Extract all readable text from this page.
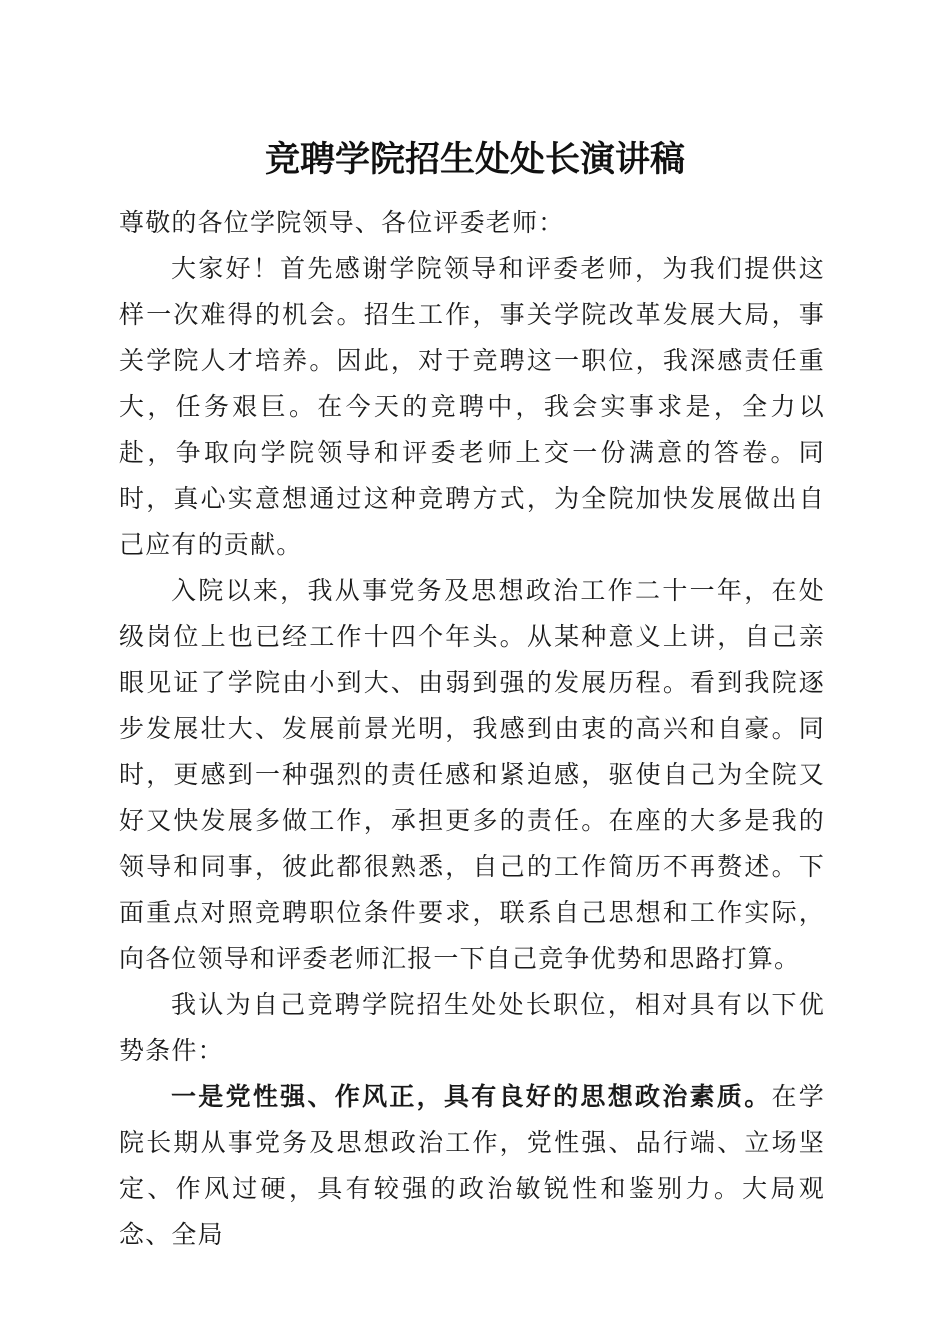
竞聘学院招生处处长演讲稿

尊敬的各位学院领导、各位评委老师：

大家好！首先感谢学院领导和评委老师，为我们提供这样一次难得的机会。招生工作，事关学院改革发展大局，事关学院人才培养。因此，对于竞聘这一职位，我深感责任重大，任务艰巨。在今天的竞聘中，我会实事求是，全力以赴，争取向学院领导和评委老师上交一份满意的答卷。同时，真心实意想通过这种竞聘方式，为全院加快发展做出自己应有的贡献。

入院以来，我从事党务及思想政治工作二十一年，在处级岗位上也已经工作十四个年头。从某种意义上讲，自己亲眼见证了学院由小到大、由弱到强的发展历程。看到我院逐步发展壮大、发展前景光明，我感到由衷的高兴和自豪。同时，更感到一种强烈的责任感和紧迫感，驱使自己为全院又好又快发展多做工作，承担更多的责任。在座的大多是我的领导和同事，彼此都很熟悉，自己的工作简历不再赘述。下面重点对照竞聘职位条件要求，联系自己思想和工作实际，向各位领导和评委老师汇报一下自己竞争优势和思路打算。

我认为自己竞聘学院招生处处长职位，相对具有以下优势条件：

一是党性强、作风正，具有良好的思想政治素质。在学院长期从事党务及思想政治工作，党性强、品行端、立场坚定、作风过硬，具有较强的政治敏锐性和鉴别力。大局观念、全局
